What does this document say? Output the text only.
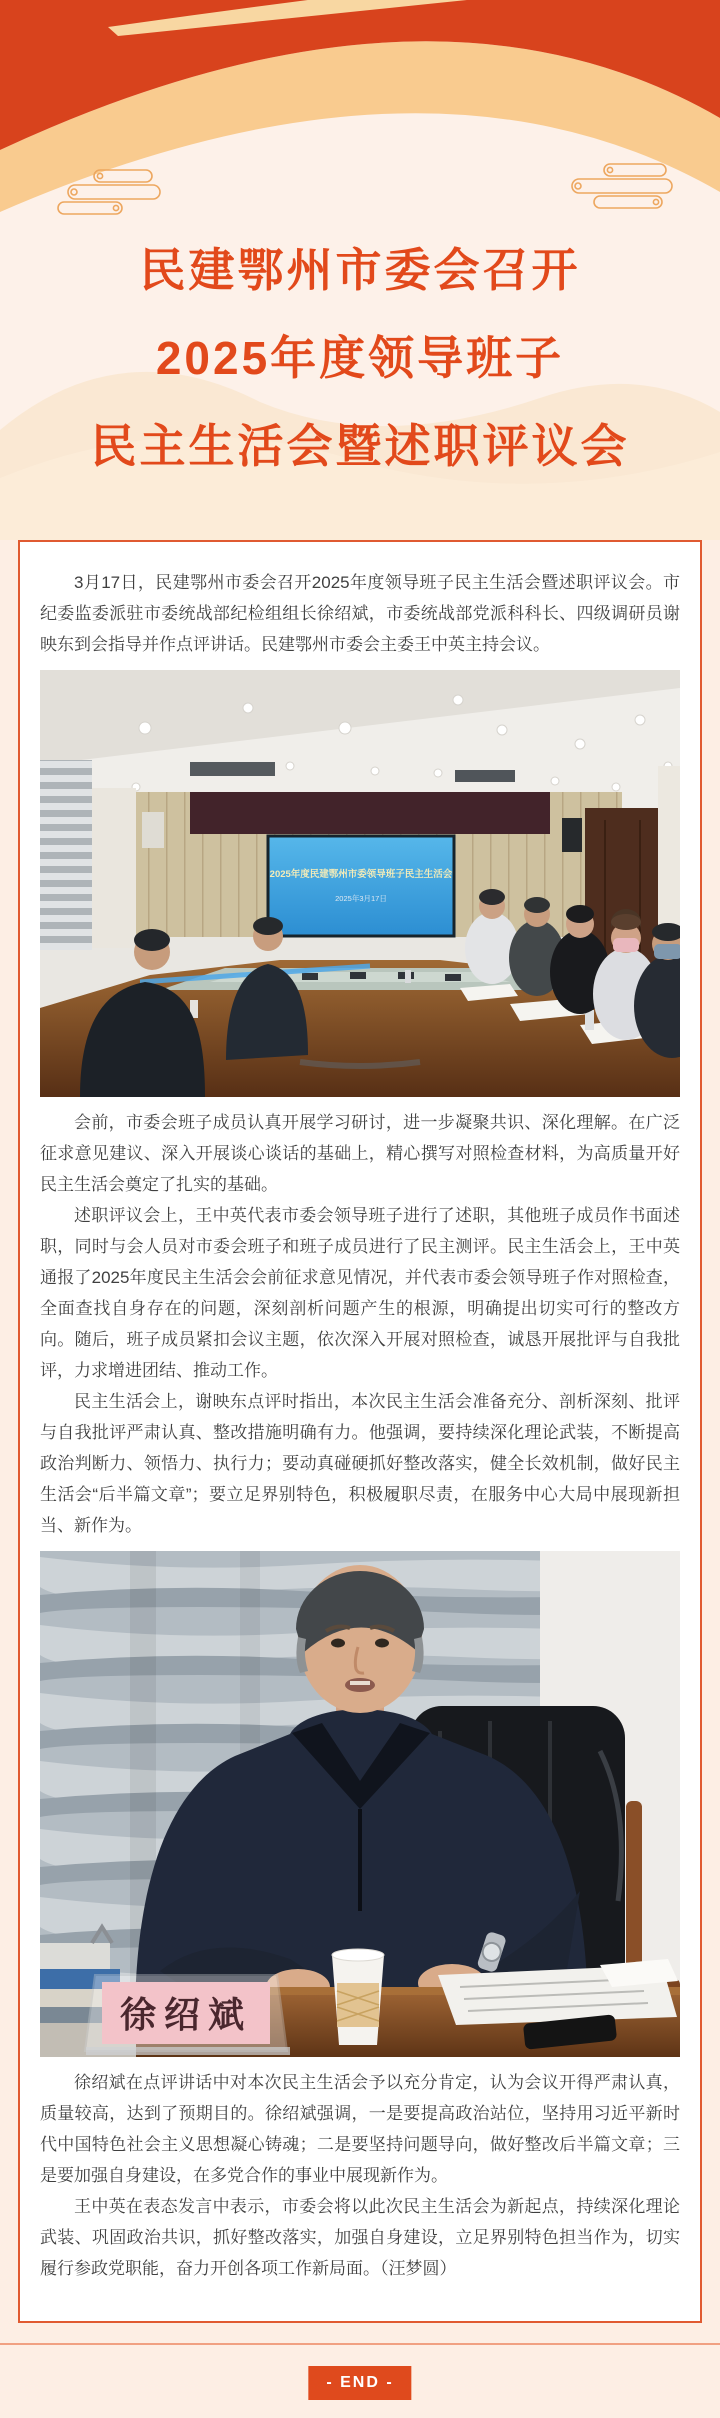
民建鄂州市委会召开
2025年度领导班子
民主生活会暨述职评议会

3月17日，民建鄂州市委会召开2025年度领导班子民主生活会暨述职评议会。市纪委监委派驻市委统战部纪检组组长徐绍斌，市委统战部党派科科长、四级调研员谢映东到会指导并作点评讲话。民建鄂州市委会主委王中英主持会议。

2025年度民建鄂州市委领导班子民主生活会
2025年3月17日

会前，市委会班子成员认真开展学习研讨，进一步凝聚共识、深化理解。在广泛征求意见建议、深入开展谈心谈话的基础上，精心撰写对照检查材料，为高质量开好民主生活会奠定了扎实的基础。

述职评议会上，王中英代表市委会领导班子进行了述职，其他班子成员作书面述职，同时与会人员对市委会班子和班子成员进行了民主测评。民主生活会上，王中英通报了2025年度民主生活会会前征求意见情况，并代表市委会领导班子作对照检查，全面查找自身存在的问题，深刻剖析问题产生的根源，明确提出切实可行的整改方向。随后，班子成员紧扣会议主题，依次深入开展对照检查，诚恳开展批评与自我批评，力求增进团结、推动工作。

民主生活会上，谢映东点评时指出，本次民主生活会准备充分、剖析深刻、批评与自我批评严肃认真、整改措施明确有力。他强调，要持续深化理论武装，不断提高政治判断力、领悟力、执行力；要动真碰硬抓好整改落实，健全长效机制，做好民主生活会“后半篇文章”；要立足界别特色，积极履职尽责，在服务中心大局中展现新担当、新作为。

徐绍斌

徐绍斌在点评讲话中对本次民主生活会予以充分肯定，认为会议开得严肃认真，质量较高，达到了预期目的。徐绍斌强调，一是要提高政治站位，坚持用习近平新时代中国特色社会主义思想凝心铸魂；二是要坚持问题导向，做好整改后半篇文章；三是要加强自身建设，在多党合作的事业中展现新作为。

王中英在表态发言中表示，市委会将以此次民主生活会为新起点，持续深化理论武装、巩固政治共识，抓好整改落实，加强自身建设，立足界别特色担当作为，切实履行参政党职能，奋力开创各项工作新局面。（汪梦圆）

- END -
